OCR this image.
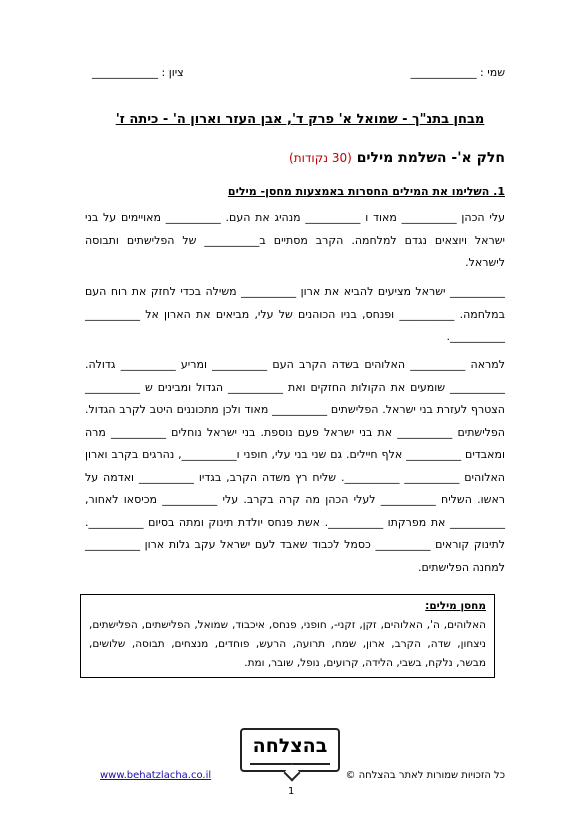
שמי : ____________
ציון : ____________
מבחן בתנ"ך - שמואל א' פרק ד', אבן העזר וארון ה' - כיתה ז'
חלק א'- השלמת מילים (30 נקודות)
1. השלימו את המילים החסרות באמצעות מחסן- מילים
עלי הכהן __________ מאוד ו __________ מנהיג את העם. __________ מאויימים על בני ישראל ויוצאים נגדם למלחמה. הקרב מסתיים ב__________ של הפלישתים ותבוסה לישראל.
__________ ישראל מציעים להביא את ארון __________ משילה בכדי לחזק את רוח העם במלחמה. __________ ופנחס, בניו הכוהנים של עלי, מביאים את הארון אל __________ __________.
למראה __________ האלוהים בשדה הקרב העם __________ ומריע __________ גדולה. __________ שומעים את הקולות החזקים ואת __________ הגדול ומבינים ש __________ הצטרף לעזרת בני ישראל. הפלישתים __________ מאוד ולכן מתכוננים היטב לקרב הגדול. הפלישתים __________ את בני ישראל פעם נוספת. בני ישראל נוחלים __________ מרה ומאבדים __________ אלף חיילים. גם שני בני עלי, חופני ו__________, נהרגים בקרב וארון האלוהים __________ __________. שליח רץ משדה הקרב, בגדיו __________ ואדמה על ראשו. השליח __________ לעלי הכהן מה קרה בקרב. עלי __________ מכיסאו לאחור, __________ את מפרקתו __________. אשת פנחס יולדת תינוק ומתה בסיום __________. לתינוק קוראים __________ כסמל לכבוד שאבד לעם ישראל עקב גלות ארון __________ למחנה הפלישתים.
מחסן מילים:
האלוהים, ה', האלוהים, זקן, זקני-, חופני, פנחס, איכבוד, שמואל, הפלישתים, הפלישתים, ניצחון, שדה, הקרב, ארון, שמח, תרועה, הרעש, פוחדים, מנצחים, תבוסה, שלושים, מבשר, נלקח, בשבי, הלידה, קרועים, נופל, שובר, ומת.
בהצלחה
www.behatzlacha.co.il	כל הזכויות שמורות לאתר בהצלחה ©
1
